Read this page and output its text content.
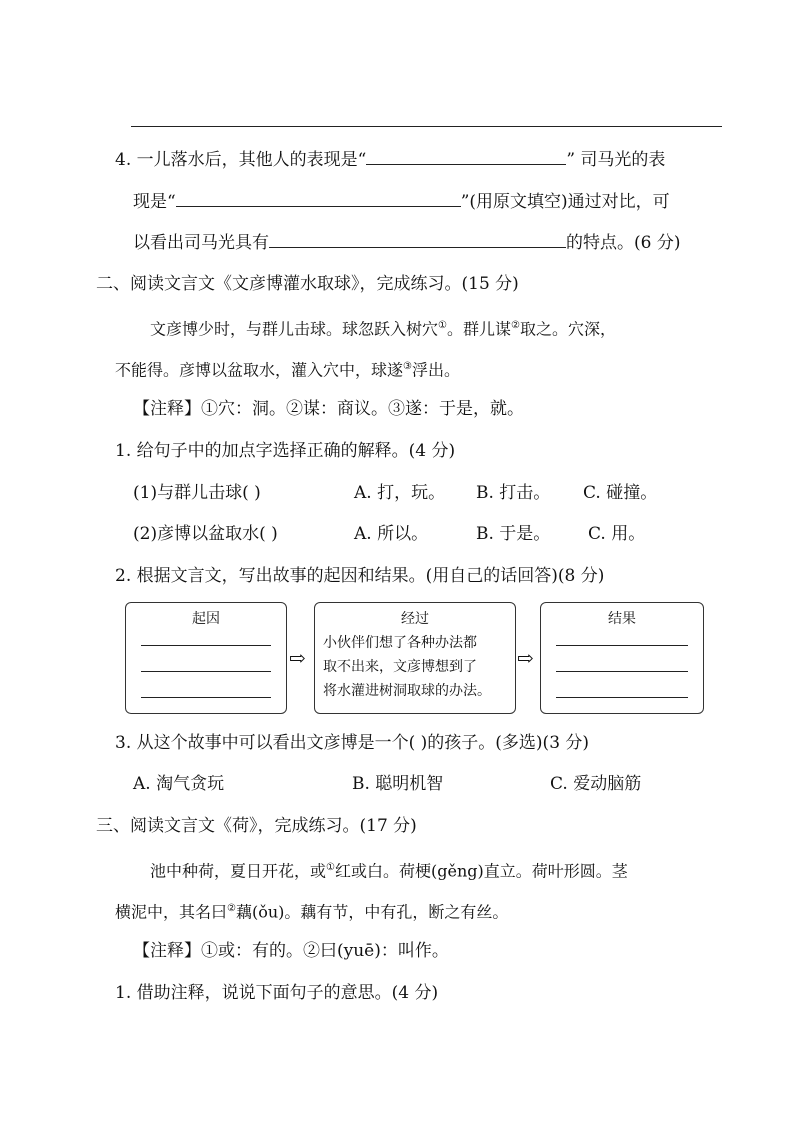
4. 一儿落水后，其他人的表现是“	” 司马光的表
现是“	”(用原文填空)通过对比，可
以看出司马光具有	的特点。(6 分)
二、阅读文言文《文彦博灌水取球》，完成练习。(15 分)
文彦博少时，与群儿击球。球忽跃入树穴①。群儿谋②取之。穴深，
不能得。彦博以盆取水，灌入穴中，球遂③浮出。
【注释】①穴：洞。②谋：商议。③遂：于是，就。
1. 给句子中的加点字选择正确的解释。(4 分)
(1)与群儿击球( )	A. 打，玩。 B. 打击。 C. 碰撞。
(2)彦博以盆取水( )	A. 所以。	B. 于是。 C. 用。
2. 根据文言文，写出故事的起因和结果。(用自己的话回答)(8 分)
起因
⇨
经过
小伙伴们想了各种办法都
取不出来，文彦博想到了
将水灌进树洞取球的办法。
⇨
结果
3. 从这个故事中可以看出文彦博是一个( )的孩子。(多选)(3 分)
A. 淘气贪玩	B. 聪明机智	C. 爱动脑筋
三、阅读文言文《荷》，完成练习。(17 分)
池中种荷，夏日开花，或①红或白。荷梗(gěng)直立。荷叶形圆。茎
横泥中，其名曰②藕(ǒu)。藕有节，中有孔，断之有丝。
【注释】①或：有的。②曰(yuē)：叫作。
1. 借助注释，说说下面句子的意思。(4 分)
